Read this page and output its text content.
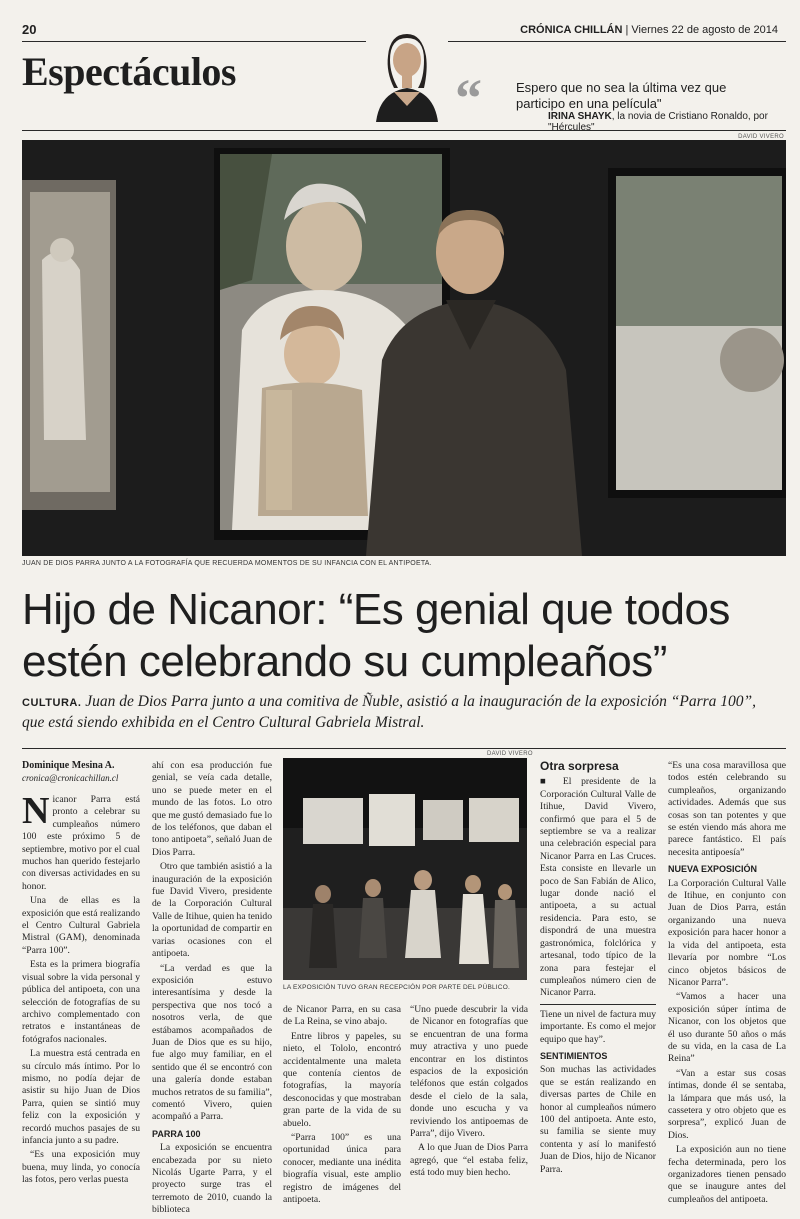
20	CRÓNICA CHILLÁN | Viernes 22 de agosto de 2014
Espectáculos	“	Espero que no sea la última vez que participo en una película"
IRINA SHAYK, la novia de Cristiano Ronaldo, por "Hércules"
DAVID VIVERO
JUAN DE DIOS PARRA JUNTO A LA FOTOGRAFÍA QUE RECUERDA MOMENTOS DE SU INFANCIA CON EL ANTIPOETA.
Hijo de Nicanor: “Es genial que todos
estén celebrando su cumpleaños”
CULTURA. Juan de Dios Parra junto a una comitiva de Ñuble, asistió a la inauguración de la exposición “Parra 100”, que está siendo exhibida en el Centro Cultural Gabriela Mistral.
Dominique Mesina A.
cronica@cronicachillan.cl

Nicanor Parra está pronto a celebrar su cumpleaños número 100 este próximo 5 de septiembre, motivo por el cual muchos han querido festejarlo con diversas actividades en su honor.

Una de ellas es la exposición que está realizando el Centro Cultural Gabriela Mistral (GAM), denominada “Parra 100”.

Esta es la primera biografía visual sobre la vida personal y pública del antipoeta, con una selección de fotografías de su archivo complementado con retratos e instantáneas de fotógrafos nacionales.

La muestra está centrada en su círculo más íntimo. Por lo mismo, no podía dejar de asistir su hijo Juan de Dios Parra, quien se sintió muy feliz con la exposición y recordó muchos pasajes de su infancia junto a su padre.

“Es una exposición muy buena, muy linda, yo conocía las fotos, pero verlas puesta

ahí con esa producción fue genial, se veía cada detalle, uno se puede meter en el mundo de las fotos. Lo otro que me gustó demasiado fue lo de los teléfonos, que daban el tono antipoeta”, señaló Juan de Dios Parra.

Otro que también asistió a la inauguración de la exposición fue David Vivero, presidente de la Corporación Cultural Valle de Itihue, quien ha tenido la oportunidad de compartir en varias ocasiones con el antipoeta.

“La verdad es que la exposición estuvo interesantísima y desde la perspectiva que nos tocó a nosotros verla, de que estábamos acompañados de Juan de Dios que es su hijo, fue algo muy familiar, en el sentido que él se encontró con una galería donde estaban muchos retratos de su familia”, comentó Vivero, quien acompañó a Parra.

PARRA 100

La exposición se encuentra encabezada por su nieto Nicolás Ugarte Parra, y el proyecto surge tras el terremoto de 2010, cuando la biblioteca

DAVID VIVERO
LA EXPOSICIÓN TUVO GRAN RECEPCIÓN POR PARTE DEL PÚBLICO.

de Nicanor Parra, en su casa de La Reina, se vino abajo.

Entre libros y papeles, su nieto, el Tololo, encontró accidentalmente una maleta que contenía cientos de fotografías, la mayoría desconocidas y que mostraban gran parte de la vida de su abuelo.

“Parra 100” es una oportunidad única para conocer, mediante una inédita biografía visual, este amplio registro de imágenes del antipoeta.

“Uno puede descubrir la vida de Nicanor en fotografías que se encuentran de una forma muy atractiva y uno puede encontrar en los distintos espacios de la exposición teléfonos que están colgados desde el cielo de la sala, donde uno escucha y va reviviendo los antipoemas de Parra”, dijo Vivero.

A lo que Juan de Dios Parra agregó, que “el estaba feliz, está todo muy bien hecho.

Otra sorpresa

■ El presidente de la Corporación Cultural Valle de Itihue, David Vivero, confirmó que para el 5 de septiembre se va a realizar una celebración especial para Nicanor Parra en Las Cruces. Esta consiste en llevarle un poco de San Fabián de Alico, lugar donde nació el antipoeta, a su actual residencia. Para esto, se dispondrá de una muestra gastronómica, folclórica y artesanal, todo típico de la zona para festejar el cumpleaños número cien de Nicanor Parra.

Tiene un nivel de factura muy importante. Es como el mejor equipo que hay”.

SENTIMIENTOS

Son muchas las actividades que se están realizando en diversas partes de Chile en honor al cumpleaños número 100 del antipoeta. Ante esto, su familia se siente muy contenta y así lo manifestó Juan de Dios, hijo de Nicanor Parra.

“Es una cosa maravillosa que todos estén celebrando su cumpleaños, organizando actividades. Además que sus cosas son tan potentes y que se estén viendo más ahora me parece fantástico. El país necesita antipoesía”

NUEVA EXPOSICIÓN

La Corporación Cultural Valle de Itihue, en conjunto con Juan de Dios Parra, están organizando una nueva exposición para hacer honor a la vida del antipoeta, esta llevaría por nombre “Los cinco objetos básicos de Nicanor Parra”.

“Vamos a hacer una exposición súper íntima de Nicanor, con los objetos que él uso durante 50 años o más de su vida, en la casa de La Reina”

“Van a estar sus cosas íntimas, donde él se sentaba, la lámpara que más usó, la cassetera y otro objeto que es sorpresa”, explicó Juan de Dios.

La exposición aun no tiene fecha determinada, pero los organizadores tienen pensado que se inaugure antes del cumpleaños del antipoeta.
